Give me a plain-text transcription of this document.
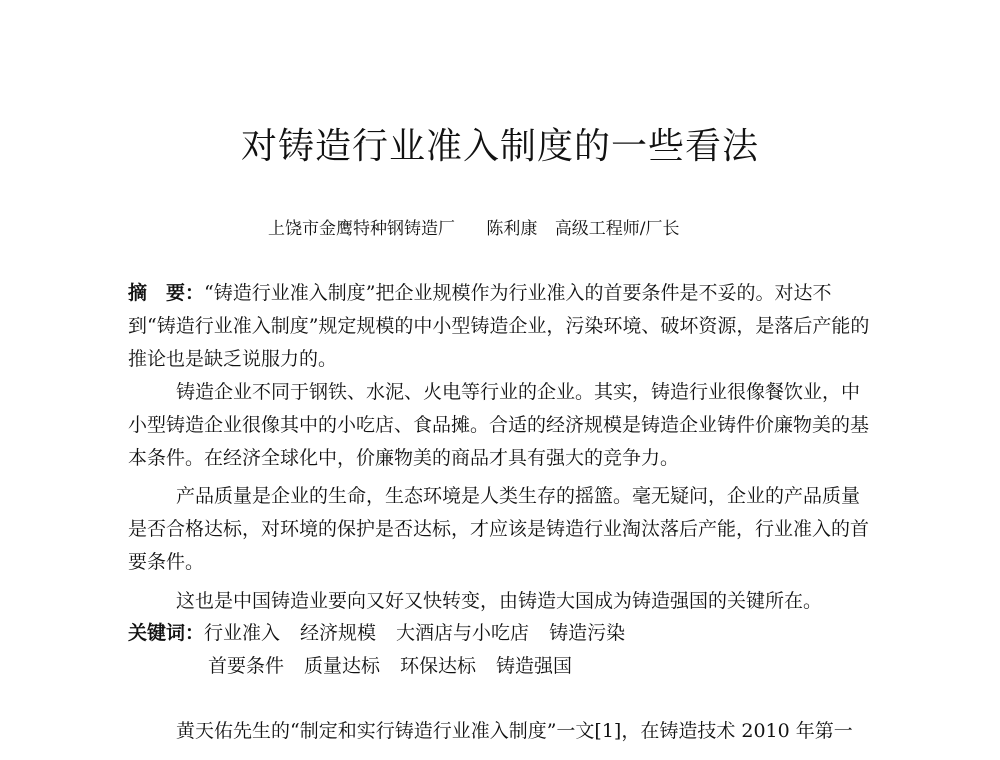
对铸造行业准入制度的一些看法
上饶市金鹰特种钢铸造厂 陈利康 高级工程师/厂长
摘　要：“铸造行业准入制度”把企业规模作为行业准入的首要条件是不妥的。对达不到“铸造行业准入制度”规定规模的中小型铸造企业，污染环境、破坏资源，是落后产能的推论也是缺乏说服力的。
铸造企业不同于钢铁、水泥、火电等行业的企业。其实，铸造行业很像餐饮业，中小型铸造企业很像其中的小吃店、食品摊。合适的经济规模是铸造企业铸件价廉物美的基本条件。在经济全球化中，价廉物美的商品才具有强大的竞争力。
产品质量是企业的生命，生态环境是人类生存的摇篮。毫无疑问，企业的产品质量是否合格达标，对环境的保护是否达标，才应该是铸造行业淘汰落后产能，行业准入的首要条件。
这也是中国铸造业要向又好又快转变，由铸造大国成为铸造强国的关键所在。
关键词：行业准入 经济规模 大酒店与小吃店 铸造污染
首要条件 质量达标 环保达标 铸造强国
黄天佑先生的“制定和实行铸造行业准入制度”一文[1]，在铸造技术 2010 年第一
